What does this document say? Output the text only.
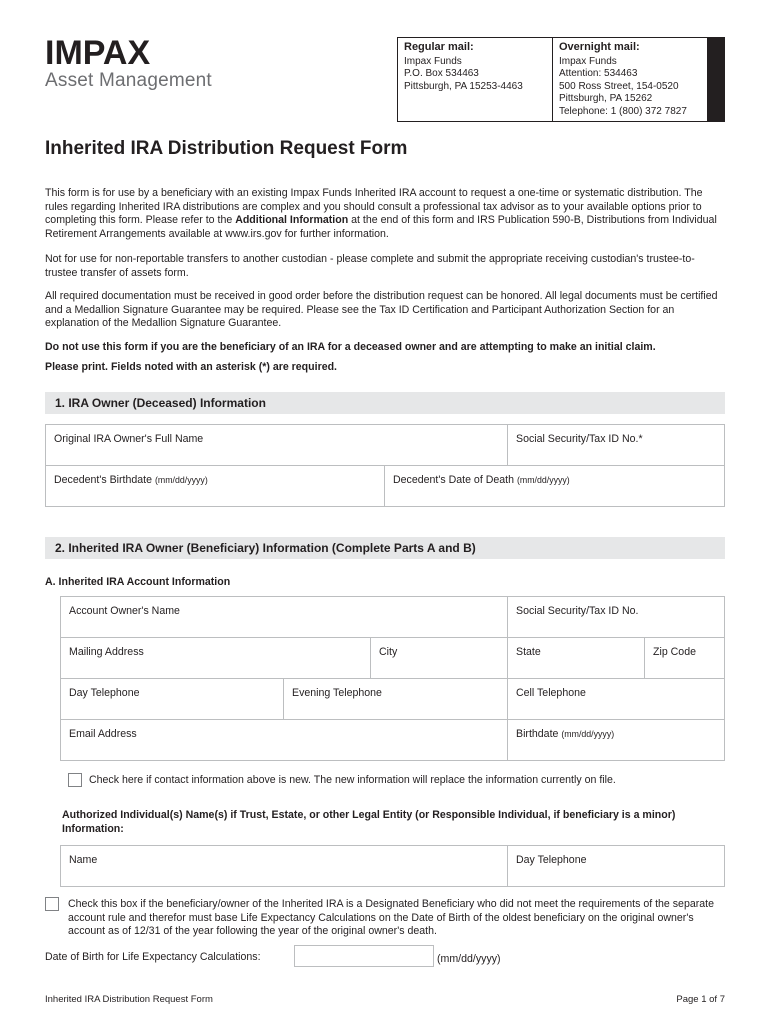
IMPAX
Asset Management
Regular mail:
Impax Funds
P.O. Box 534463
Pittsburgh, PA 15253-4463
Overnight mail:
Impax Funds
Attention: 534463
500 Ross Street, 154-0520
Pittsburgh, PA 15262
Telephone: 1 (800) 372 7827
Inherited IRA Distribution Request Form
This form is for use by a beneficiary with an existing Impax Funds Inherited IRA account to request a one-time or systematic distribution. The rules regarding Inherited IRA distributions are complex and you should consult a professional tax advisor as to your available options prior to completing this form. Please refer to the Additional Information at the end of this form and IRS Publication 590-B, Distributions from Individual Retirement Arrangements available at www.irs.gov for further information.
Not for use for non-reportable transfers to another custodian - please complete and submit the appropriate receiving custodian's trustee-to-trustee transfer of assets form.
All required documentation must be received in good order before the distribution request can be honored. All legal documents must be certified and a Medallion Signature Guarantee may be required. Please see the Tax ID Certification and Participant Authorization Section for an explanation of the Medallion Signature Guarantee.
Do not use this form if you are the beneficiary of an IRA for a deceased owner and are attempting to make an initial claim.
Please print. Fields noted with an asterisk (*) are required.
1. IRA Owner (Deceased) Information
Original IRA Owner's Full Name	Social Security/Tax ID No.*
Decedent's Birthdate (mm/dd/yyyy)	Decedent's Date of Death (mm/dd/yyyy)
2. Inherited IRA Owner (Beneficiary) Information (Complete Parts A and B)
A. Inherited IRA Account Information
Account Owner's Name	Social Security/Tax ID No.
Mailing Address	City	State	Zip Code
Day Telephone	Evening Telephone	Cell Telephone
Email Address	Birthdate (mm/dd/yyyy)
Check here if contact information above is new. The new information will replace the information currently on file.
Authorized Individual(s) Name(s) if Trust, Estate, or other Legal Entity (or Responsible Individual, if beneficiary is a minor) Information:
Name	Day Telephone
Check this box if the beneficiary/owner of the Inherited IRA is a Designated Beneficiary who did not meet the requirements of the separate account rule and therefor must base Life Expectancy Calculations on the Date of Birth of the oldest beneficiary on the original owner's account as of 12/31 of the year following the year of the original owner's death.
Date of Birth for Life Expectancy Calculations:	(mm/dd/yyyy)
Inherited IRA Distribution Request Form	Page 1 of 7
